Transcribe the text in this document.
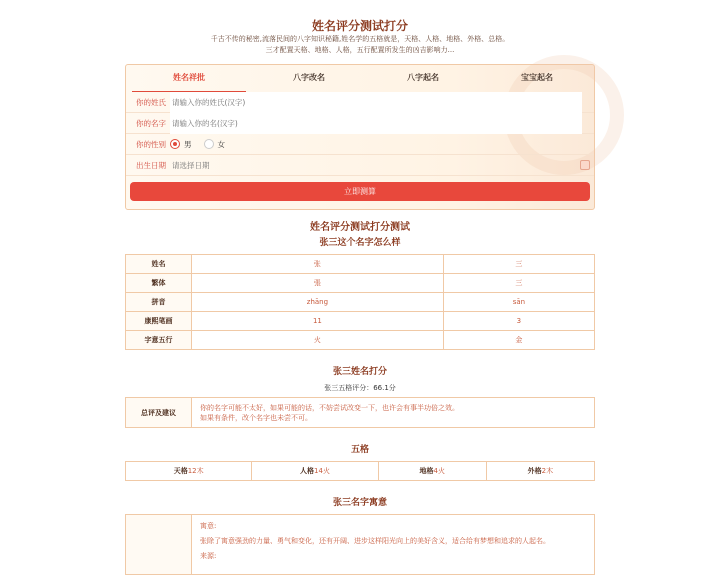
姓名评分测试打分
千古不传的秘密,流落民间的八字知识秘籍,姓名学的五格就是，天格、人格、地格、外格、总格。
三才配置天格、地格、人格，五行配置所发生的凶吉影响力...
姓名祥批	八字改名	八字起名	宝宝起名
你的姓氏
请输入你的姓氏(汉字)
你的名字
请输入你的名(汉字)
你的性别	男	女
出生日期
请选择日期
立即测算
姓名评分测试打分测试
张三这个名字怎么样
姓名	张	三
繁体	張	三
拼音	zhāng	sān
康熙笔画	11	3
字意五行	火	金
张三姓名打分
张三五格评分：66.1分
总评及建议	
你的名字可能不太好，如果可能的话，不妨尝试改变一下，也许会有事半功倍之效。
如果有条件，改个名字也未尝不可。
五格
天格12木	人格14火	地格4火	外格2木
张三名字寓意

寓意:
张除了寓意强劲的力量、勇气和变化，还有开阔、进步这样阳光向上的美好含义，适合给有梦想和追求的人起名。
来源:
